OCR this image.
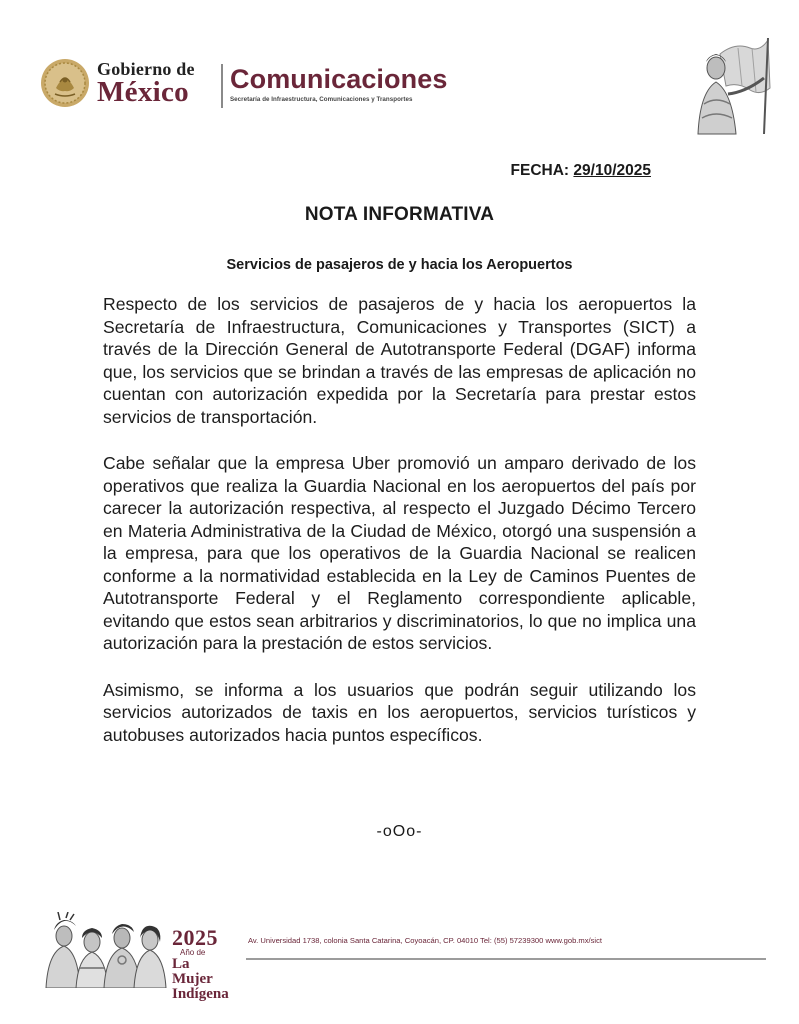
Gobierno de
México	Comunicaciones
Secretaría de Infraestructura, Comunicaciones y Transportes
FECHA: 29/10/2025
NOTA INFORMATIVA
Servicios de pasajeros de y hacia los Aeropuertos

Respecto de los servicios de pasajeros de y hacia los aeropuertos la Secretaría de Infraestructura, Comunicaciones y Transportes (SICT) a través de la Dirección General de Autotransporte Federal (DGAF) informa que, los servicios que se brindan a través de las empresas de aplicación no cuentan con autorización expedida por la Secretaría para prestar estos servicios de transportación.

Cabe señalar que la empresa Uber promovió un amparo derivado de los operativos que realiza la Guardia Nacional en los aeropuertos del país por carecer la autorización respectiva, al respecto el Juzgado Décimo Tercero en Materia Administrativa de la Ciudad de México, otorgó una suspensión a la empresa, para que los operativos de la Guardia Nacional se realicen conforme a la normatividad establecida en la Ley de Caminos Puentes de Autotransporte Federal y el Reglamento correspondiente aplicable, evitando que estos sean arbitrarios y discriminatorios, lo que no implica una autorización para la prestación de estos servicios.

Asimismo, se informa a los usuarios que podrán seguir utilizando los servicios autorizados de taxis en los aeropuertos, servicios turísticos y autobuses autorizados hacia puntos específicos.

-oOo-
2025
Año de
La Mujer
Indígena
Av. Universidad 1738, colonia Santa Catarina, Coyoacán, CP. 04010 Tel: (55) 57239300 www.gob.mx/sict
